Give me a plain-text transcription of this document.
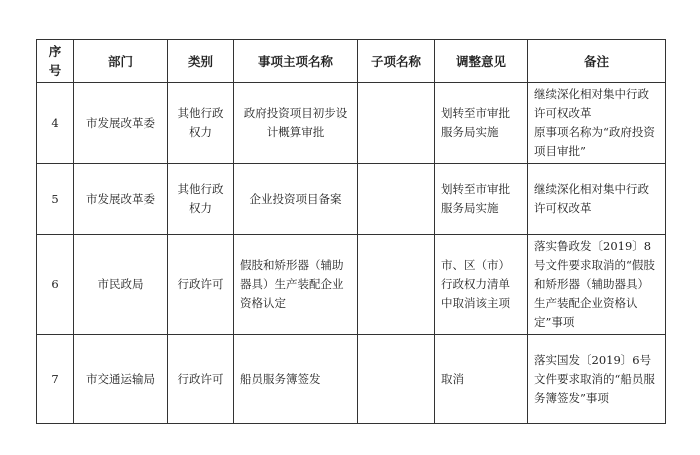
序号	部门	类别	事项主项名称	子项名称	调整意见	备注
4	市发展改革委	其他行政权力	政府投资项目初步设计概算审批		划转至市审批服务局实施	继续深化相对集中行政许可权改革
原事项名称为“政府投资项目审批”
5	市发展改革委	其他行政权力	企业投资项目备案		划转至市审批服务局实施	继续深化相对集中行政许可权改革
6	市民政局	行政许可	假肢和矫形器（辅助器具）生产装配企业资格认定		市、区（市）行政权力清单中取消该主项	落实鲁政发〔2019〕8号文件要求取消的“假肢和矫形器（辅助器具）生产装配企业资格认定”事项
7	市交通运输局	行政许可	船员服务簿签发		取消	落实国发〔2019〕6号文件要求取消的“船员服务簿签发”事项
